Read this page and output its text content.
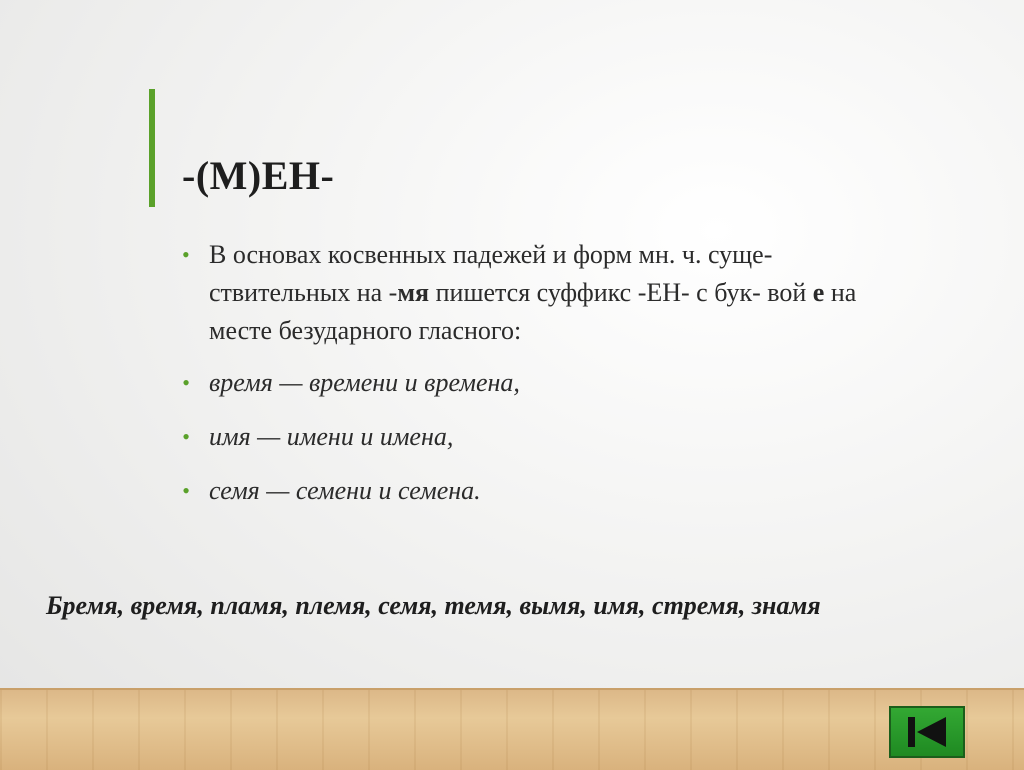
-(М)ЕН-
• В основах косвенных падежей и форм мн. ч. суще- ствительных на -мя пишется суффикс -ЕН- с бук- вой е на месте безударного гласного:
• время — времени и времена,
• имя — имени и имена,
• семя — семени и семена.
Бремя, время, пламя, племя, семя, темя, вымя, имя, стремя, знамя
